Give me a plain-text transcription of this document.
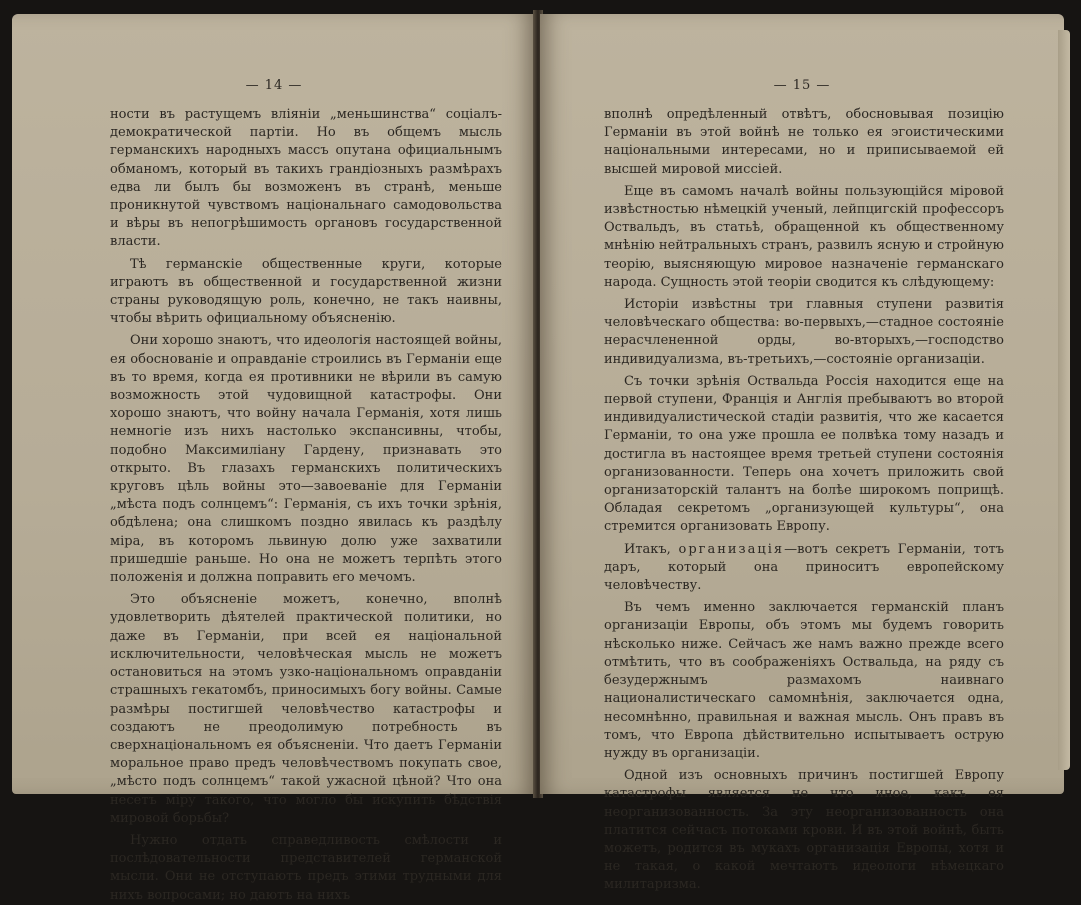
— 14 —

ности въ растущемъ вліяніи „меньшинства“ соціалъ-демократической партіи. Но въ общемъ мысль германскихъ народныхъ массъ опутана официальнымъ обманомъ, который въ такихъ грандіозныхъ размѣрахъ едва ли былъ бы возможенъ въ странѣ, меньше проникнутой чувствомъ національнаго самодовольства и вѣры въ непогрѣшимость органовъ государственной власти.

Тѣ германскіе общественные круги, которые играютъ въ общественной и государственной жизни страны руководящую роль, конечно, не такъ наивны, чтобы вѣрить официальному объясненію.

Они хорошо знаютъ, что идеологія настоящей войны, ея обоснованіе и оправданіе строились въ Германіи еще въ то время, когда ея противники не вѣрили въ самую возможность этой чудовищной катастрофы. Они хорошо знаютъ, что войну начала Германія, хотя лишь немногіе изъ нихъ настолько экспансивны, чтобы, подобно Максимиліану Гардену, признавать это открыто. Въ глазахъ германскихъ политическихъ круговъ цѣль войны это—завоеваніе для Германіи „мѣста подъ солнцемъ“: Германія, съ ихъ точки зрѣнія, обдѣлена; она слишкомъ поздно явилась къ раздѣлу міра, въ которомъ львиную долю уже захватили пришедшіе раньше. Но она не можетъ терпѣть этого положенія и должна поправить его мечомъ.

Это объясненіе можетъ, конечно, вполнѣ удовлетворить дѣятелей практической политики, но даже въ Германіи, при всей ея національной исключительности, человѣческая мысль не можетъ остановиться на этомъ узко-національномъ оправданіи страшныхъ гекатомбъ, приносимыхъ богу войны. Самые размѣры постигшей человѣчество катастрофы и создаютъ не преодолимую потребность въ сверхнаціональномъ ея объясненіи. Что даетъ Германіи моральное право предъ человѣчествомъ покупать свое, „мѣсто подъ солнцемъ“ такой ужасной цѣной? Что она несетъ міру такого, что могло бы искупить бѣдствія мировой борьбы?

Нужно отдать справедливость смѣлости и послѣдовательности представителей германской мысли. Они не отступаютъ предъ этими трудными для нихъ вопросами; но даютъ на нихъ

— 15 —

вполнѣ опредѣленный отвѣтъ, обосновывая позицію Германіи въ этой войнѣ не только ея эгоистическими національными интересами, но и приписываемой ей высшей мировой миссіей.

Еще въ самомъ началѣ войны пользующійся міровой извѣстностью нѣмецкій ученый, лейпцигскій профессоръ Оствальдъ, въ статьѣ, обращенной къ общественному мнѣнію нейтральныхъ странъ, развилъ ясную и стройную теорію, выясняющую мировое назначеніе германскаго народа. Сущность этой теоріи сводится къ слѣдующему:

Исторіи извѣстны три главныя ступени развитія человѣческаго общества: во-первыхъ,—стадное состояніе нерасчлененной орды, во-вторыхъ,—господство индивидуализма, въ-третьихъ,—состояніе организаціи.

Съ точки зрѣнія Оствальда Россія находится еще на первой ступени, Франція и Англія пребываютъ во второй индивидуалистической стадіи развитія, что же касается Германіи, то она уже прошла ее полвѣка тому назадъ и достигла въ настоящее время третьей ступени состоянія организованности. Теперь она хочетъ приложить свой организаторскій талантъ на болѣе широкомъ поприщѣ. Обладая секретомъ „организующей культуры“, она стремится организовать Европу.

Итакъ, организація—вотъ секретъ Германіи, тотъ даръ, который она приноситъ европейскому человѣчеству.

Въ чемъ именно заключается германскій планъ организаціи Европы, объ этомъ мы будемъ говорить нѣсколько ниже. Сейчасъ же намъ важно прежде всего отмѣтить, что въ соображеніяхъ Оствальда, на ряду съ безудержнымъ размахомъ наивнаго националистическаго самомнѣнія, заключается одна, несомнѣнно, правильная и важная мысль. Онъ правъ въ томъ, что Европа дѣйствительно испытываетъ острую нужду въ организаціи.

Одной изъ основныхъ причинъ постигшей Европу катастрофы является не что иное, какъ ея неорганизованность. За эту неорганизованность она платится сейчасъ потоками крови. И въ этой войнѣ, быть можетъ, родится въ мукахъ организація Европы, хотя и не такая, о какой мечтаютъ идеологи нѣмецкаго милитаризма.
